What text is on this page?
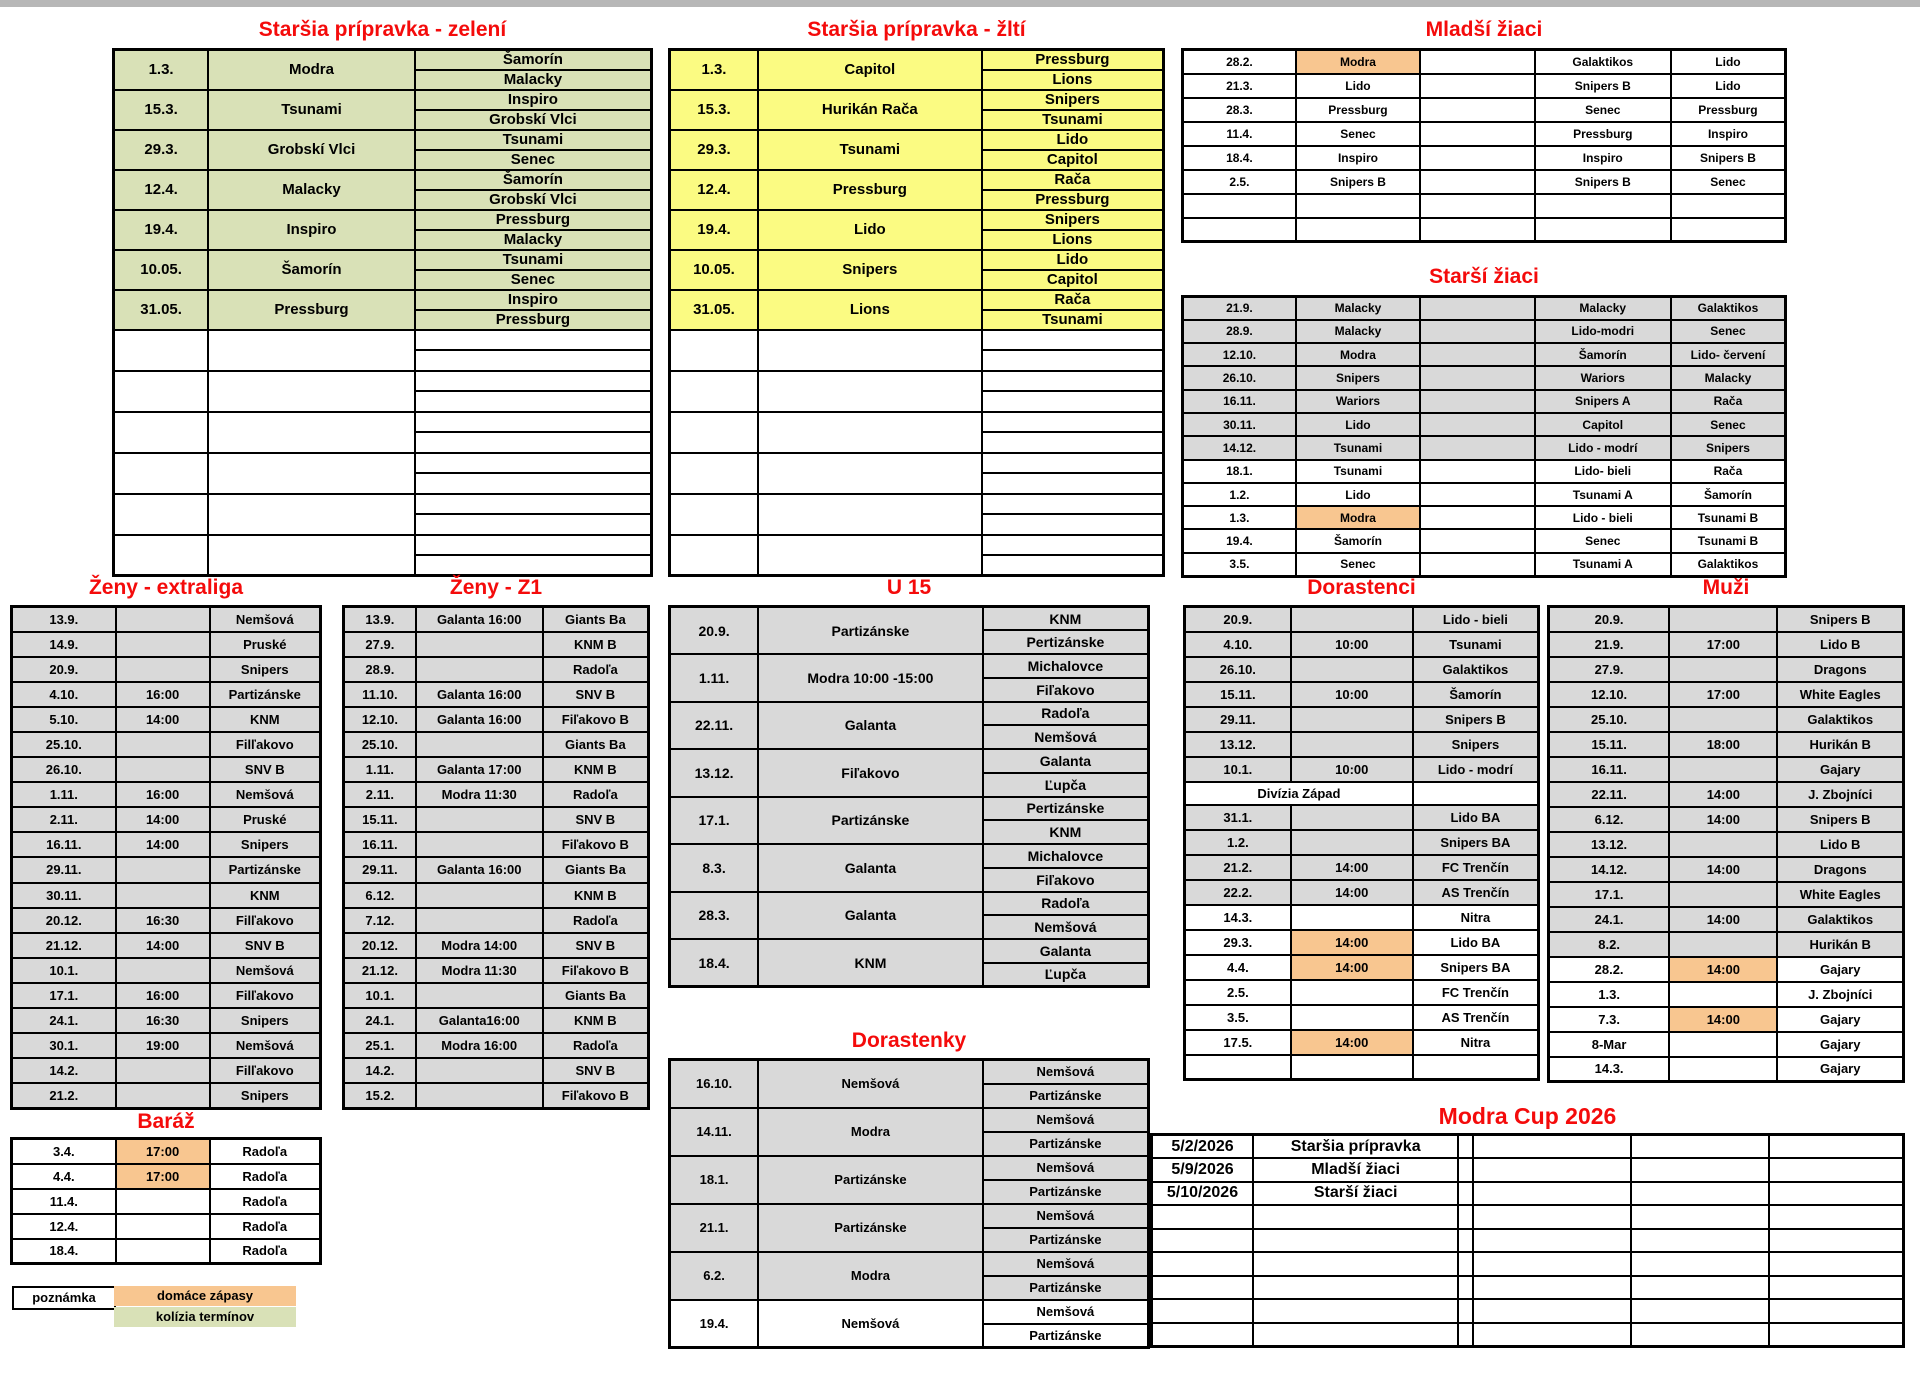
Staršia prípravka - zelení
1.3.	Modra	Šamorín
		Malacky
15.3.	Tsunami	Inspiro
		Grobskí Vlci
29.3.	Grobskí Vlci	Tsunami
		Senec
12.4.	Malacky	Šamorín
		Grobskí Vlci
19.4.	Inspiro	Pressburg
		Malacky
10.05.	Šamorín	Tsunami
		Senec
31.05.	Pressburg	Inspiro
		Pressburg

Staršia prípravka - žltí
1.3.	Capitol	Pressburg
		Lions
15.3.	Hurikán Rača	Snipers
		Tsunami
29.3.	Tsunami	Lido
		Capitol
12.4.	Pressburg	Rača
		Pressburg
19.4.	Lido	Snipers
		Lions
10.05.	Snipers	Lido
		Capitol
31.05.	Lions	Rača
		Tsunami

Mladší žiaci
28.2.	Modra		Galaktikos	Lido
21.3.	Lido		Snipers B	Lido
28.3.	Pressburg		Senec	Pressburg
11.4.	Senec		Pressburg	Inspiro
18.4.	Inspiro		Inspiro	Snipers B
2.5.	Snipers B		Snipers B	Senec

Starší žiaci
21.9.	Malacky		Malacky	Galaktikos
28.9.	Malacky		Lido-modri	Senec
12.10.	Modra		Šamorín	Lido- červení
26.10.	Snipers		Wariors	Malacky
16.11.	Wariors		Snipers A	Rača
30.11.	Lido		Capitol	Senec
14.12.	Tsunami		Lido - modrí	Snipers
18.1.	Tsunami		Lido- bieli	Rača
1.2.	Lido		Tsunami A	Šamorín
1.3.	Modra		Lido - bieli	Tsunami B
19.4.	Šamorín		Senec	Tsunami B
3.5.	Senec		Tsunami A	Galaktikos
Ženy - extraliga
13.9.		Nemšová
14.9.		Pruské
20.9.		Snipers
4.10.	16:00	Partizánske
5.10.	14:00	KNM
25.10.		Filľakovo
26.10.		SNV B
1.11.	16:00	Nemšová
2.11.	14:00	Pruské
16.11.	14:00	Snipers
29.11.		Partizánske
30.11.		KNM
20.12.	16:30	Filľakovo
21.12.	14:00	SNV B
10.1.		Nemšová
17.1.	16:00	Filľakovo
24.1.	16:30	Snipers
30.1.	19:00	Nemšová
14.2.		Filľakovo
21.2.		Snipers
Ženy - Z1
13.9.	Galanta 16:00	Giants Ba
27.9.		KNM B
28.9.		Radoľa
11.10.	Galanta 16:00	SNV B
12.10.	Galanta 16:00	Fiľakovo B
25.10.		Giants Ba
1.11.	Galanta 17:00	KNM B
2.11.	Modra 11:30	Radoľa
15.11.		SNV B
16.11.		Fiľakovo B
29.11.	Galanta 16:00	Giants Ba
6.12.		KNM B
7.12.		Radoľa
20.12.	Modra 14:00	SNV B
21.12.	Modra 11:30	Fiľakovo B
10.1.		Giants Ba
24.1.	Galanta16:00	KNM B
25.1.	Modra 16:00	Radoľa
14.2.		SNV B
15.2.		Fiľakovo B
U 15
20.9.	Partizánske	KNM
		Pertizánske
1.11.	Modra 10:00 -15:00	Michalovce
		Fiľakovo
22.11.	Galanta	Radoľa
		Nemšová
13.12.	Fiľakovo	Galanta
		Ľupča
17.1.	Partizánske	Pertizánske
		KNM
8.3.	Galanta	Michalovce
		Fiľakovo
28.3.	Galanta	Radoľa
		Nemšová
18.4.	KNM	Galanta
		Ľupča
Dorastenci
20.9.		Lido - bieli
4.10.	10:00	Tsunami
26.10.		Galaktikos
15.11.	10:00	Šamorín
29.11.		Snipers B
13.12.		Snipers
10.1.	10:00	Lido - modrí
Divízia Západ		
31.1.		Lido BA
1.2.		Snipers BA
21.2.	14:00	FC Trenčín
22.2.	14:00	AS Trenčín
14.3.		Nitra
29.3.	14:00	Lido BA
4.4.	14:00	Snipers BA
2.5.		FC Trenčín
3.5.		AS Trenčín
17.5.	14:00	Nitra

Muži
20.9.		Snipers B
21.9.	17:00	Lido B
27.9.		Dragons
12.10.	17:00	White Eagles
25.10.		Galaktikos
15.11.	18:00	Hurikán B
16.11.		Gajary
22.11.	14:00	J. Zbojníci
6.12.	14:00	Snipers B
13.12.		Lido B
14.12.	14:00	Dragons
17.1.		White Eagles
24.1.	14:00	Galaktikos
8.2.		Hurikán B
28.2.	14:00	Gajary
1.3.		J. Zbojníci
7.3.	14:00	Gajary
8-Mar		Gajary
14.3.		Gajary
Baráž
3.4.	17:00	Radoľa
4.4.	17:00	Radoľa
11.4.		Radoľa
12.4.		Radoľa
18.4.		Radoľa
Dorastenky
16.10.	Nemšová	Nemšová
		Partizánske
14.11.	Modra	Nemšová
		Partizánske
18.1.	Partizánske	Nemšová
		Partizánske
21.1.	Partizánske	Nemšová
		Partizánske
6.2.	Modra	Nemšová
		Partizánske
19.4.	Nemšová	Nemšová
		Partizánske
Modra Cup 2026
5/2/2026	Staršia prípravka				
5/9/2026	Mladší žiaci				
5/10/2026	Starší žiaci				

poznámka	domáce zápasy
kolízia termínov
